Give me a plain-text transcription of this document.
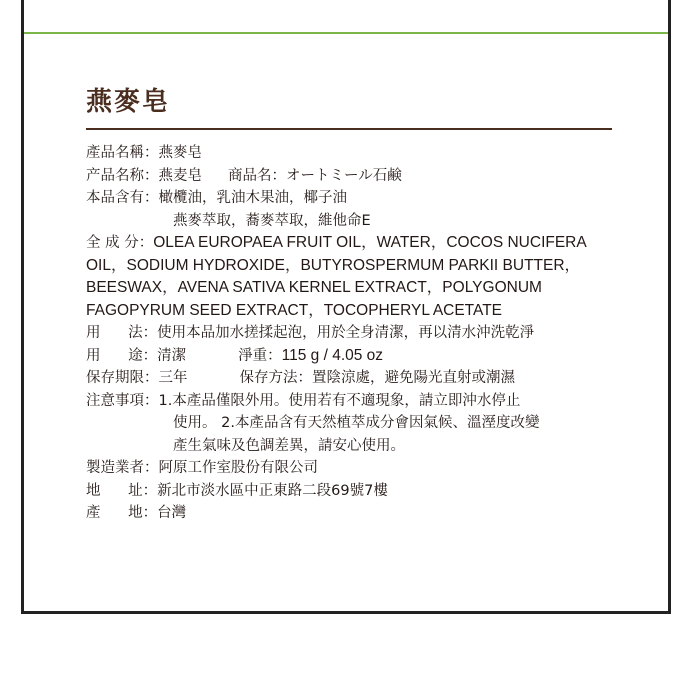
燕麥皂
產品名稱 ： 燕麥皂
产品名称 ： 燕麦皂 商品名：オートミール石鹸
本品含有 ： 橄欖油，乳油木果油，椰子油
燕麥萃取，蕎麥萃取，維他命E
全 成 分：OLEA EUROPAEA FRUIT OIL，WATER，COCOS NUCIFERA OIL，SODIUM HYDROXIDE，BUTYROSPERMUM PARKII BUTTER，BEESWAX，AVENA SATIVA KERNEL EXTRACT，POLYGONUM FAGOPYRUM SEED EXTRACT，TOCOPHERYL ACETATE
用      法 ： 使用本品加水搓揉起泡，用於全身清潔，再以清水沖洗乾淨
用      途 ： 清潔	淨重：115 g / 4.05 oz
保存期限 ： 三年	保存方法：置陰涼處，避免陽光直射或潮濕
注意事項 ： 1.本產品僅限外用。使用若有不適現象，請立即沖水停止
使用。 2.本產品含有天然植萃成分會因氣候、溫溼度改變
產生氣味及色調差異，請安心使用。
製造業者 ： 阿原工作室股份有限公司
地      址 ： 新北市淡水區中正東路二段69號7樓
產      地 ： 台灣
